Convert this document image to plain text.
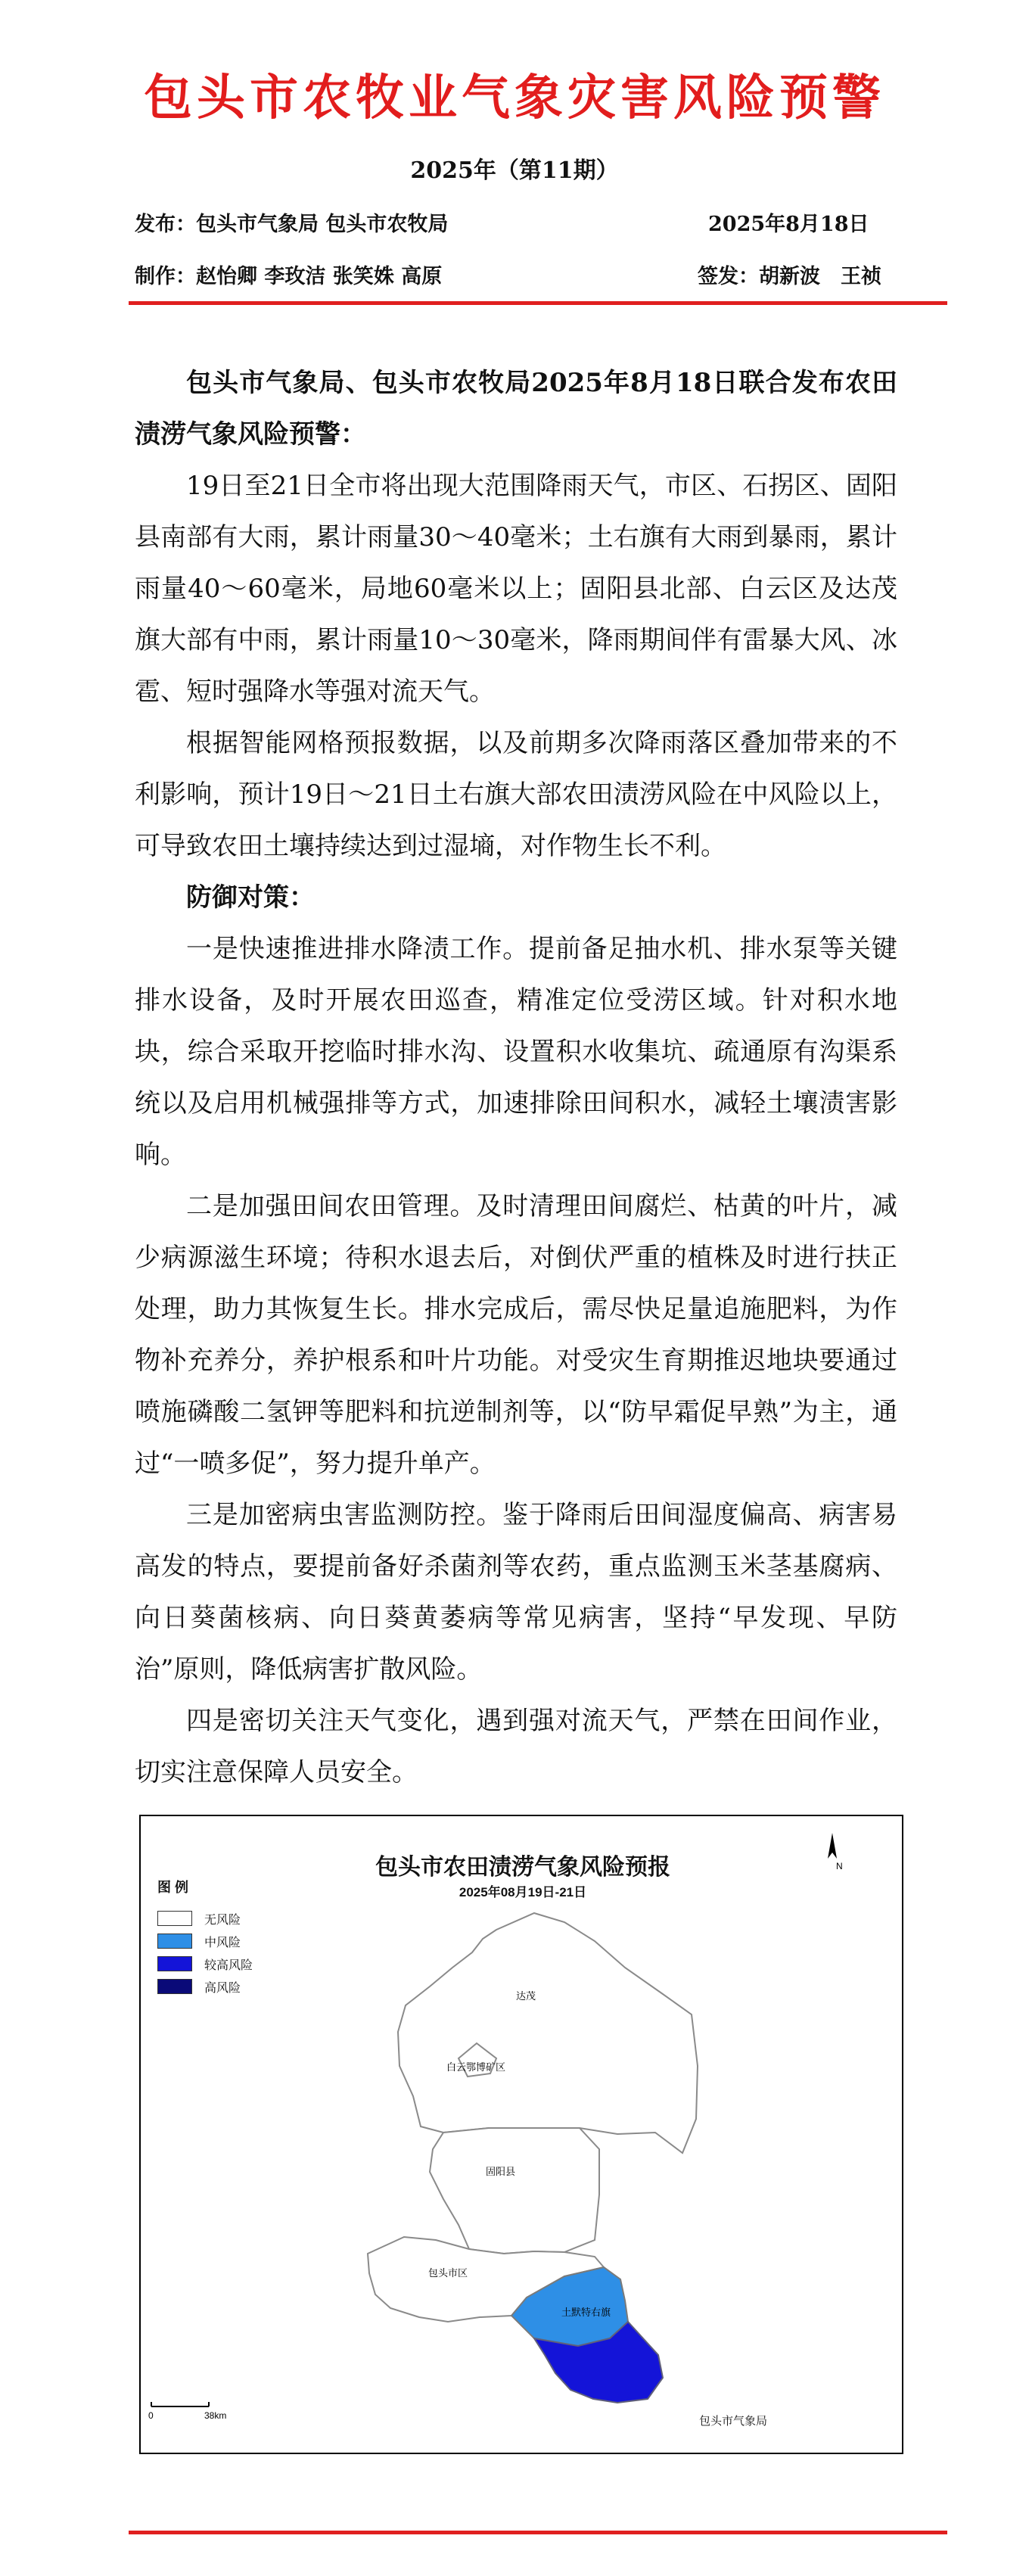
包头市农牧业气象灾害风险预警
2025年（第11期）
发布：包头市气象局 包头市农牧局	2025年8月18日
制作：赵怡卿 李玫洁 张笑姝 高原	签发：胡新波　王祯

包头市气象局、包头市农牧局2025年8月18日联合发布农田渍涝气象风险预警：

19日至21日全市将出现大范围降雨天气，市区、石拐区、固阳县南部有大雨，累计雨量30～40毫米；土右旗有大雨到暴雨，累计雨量40～60毫米，局地60毫米以上；固阳县北部、白云区及达茂旗大部有中雨，累计雨量10～30毫米，降雨期间伴有雷暴大风、冰雹、短时强降水等强对流天气。

根据智能网格预报数据，以及前期多次降雨落区叠加带来的不利影响，预计19日～21日土右旗大部农田渍涝风险在中风险以上，可导致农田土壤持续达到过湿墒，对作物生长不利。

防御对策：

一是快速推进排水降渍工作。提前备足抽水机、排水泵等关键排水设备，及时开展农田巡查，精准定位受涝区域。针对积水地块，综合采取开挖临时排水沟、设置积水收集坑、疏通原有沟渠系统以及启用机械强排等方式，加速排除田间积水，减轻土壤渍害影响。

二是加强田间农田管理。及时清理田间腐烂、枯黄的叶片，减少病源滋生环境；待积水退去后，对倒伏严重的植株及时进行扶正处理，助力其恢复生长。排水完成后，需尽快足量追施肥料，为作物补充养分，养护根系和叶片功能。对受灾生育期推迟地块要通过喷施磷酸二氢钾等肥料和抗逆制剂等，以“防早霜促早熟”为主，通过“一喷多促”，努力提升单产。

三是加密病虫害监测防控。鉴于降雨后田间湿度偏高、病害易高发的特点，要提前备好杀菌剂等农药，重点监测玉米茎基腐病、向日葵菌核病、向日葵黄萎病等常见病害，坚持“早发现、早防治”原则，降低病害扩散风险。

四是密切关注天气变化，遇到强对流天气，严禁在田间作业，切实注意保障人员安全。

N
0	38km
达茂
白云鄂博矿区
固阳县
包头市区
土默特右旗
包头市农田渍涝气象风险预报
2025年08月19日-21日
图 例
无风险
中风险
较高风险
高风险
包头市气象局
